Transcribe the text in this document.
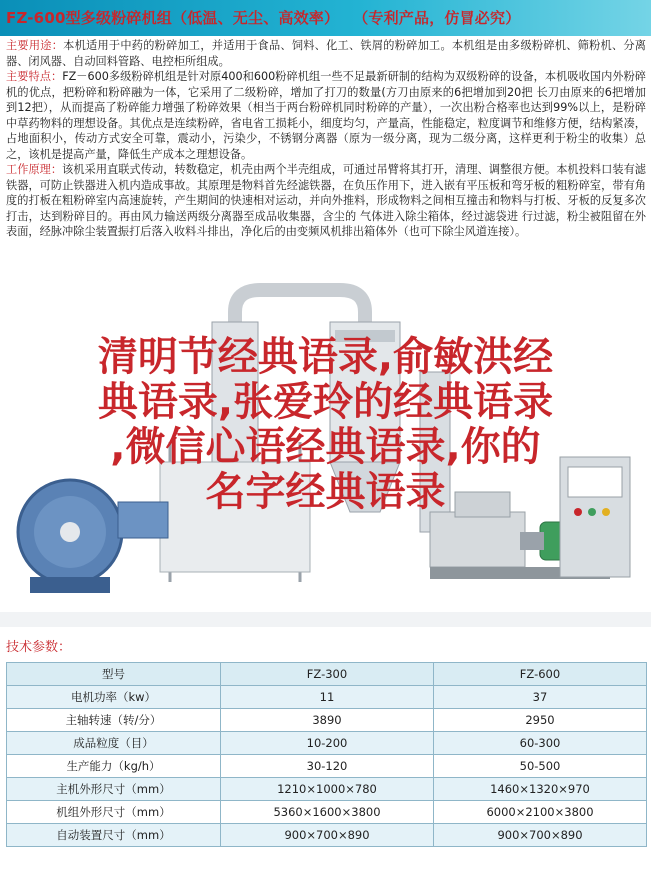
FZ-600型多级粉碎机组（低温、无尘、高效率） （专利产品，仿冒必究）

主要用途：本机适用于中药的粉碎加工，并适用于食品、饲料、化工、铁屑的粉碎加工。本机组是由多级粉碎机、筛粉机、分离器、闭风器、自动回料管路、电控柜所组成。

主要特点：FZ－600多级粉碎机组是针对原400和600粉碎机组一些不足最新研制的结构为双级粉碎的设备，本机吸收国内外粉碎机的优点，把粉碎和粉碎融为一体，它采用了二级粉碎，增加了打刀的数量(方刀由原来的6把增加到20把 长刀由原来的6把增加到12把），从而提高了粉碎能力增强了粉碎效果（相当于两台粉碎机同时粉碎的产量），一次出粉合格率也达到99%以上，是粉碎中草药物料的理想设备。其优点是连续粉碎，省电省工损耗小，细度均匀，产量高，性能稳定，粒度调节和维修方便，结构紧凑，占地面积小，传动方式安全可靠，震动小，污染少，不锈钢分离器（原为一级分离，现为二级分离，这样更利于粉尘的收集）总之，该机是提高产量，降低生产成本之理想设备。

工作原理：该机采用直联式传动，转数稳定，机壳由两个半壳组成，可通过吊臂将其打开，清理、调整很方便。本机投料口装有滤铁器，可防止铁器进入机内造成事故。其原理是物料首先经滤铁器，在负压作用下，进入嵌有平压板和弯牙板的粗粉碎室，带有角度的打板在粗粉碎室内高速旋转，产生期间的快速相对运动，并向外推料，形成物料之间相互撞击和物料与打板、牙板的反复多次打击，达到粉碎目的。再由风力输送两级分离器至成品收集器，含尘的 气体进入除尘箱体，经过滤袋进 行过滤，粉尘被阻留在外表面，经脉冲除尘装置振打后落入收料斗排出，净化后的由变频风机排出箱体外（也可下除尘风道连接）。

清明节经典语录,俞敏洪经
典语录,张爱玲的经典语录
,微信心语经典语录,你的
名字经典语录
技术参数：
型号	FZ-300	FZ-600
电机功率（kw）	11	37
主轴转速（转/分）	3890	2950
成品粒度（目）	10-200	60-300
生产能力（kg/h）	30-120	50-500
主机外形尺寸（mm）	1210×1000×780	1460×1320×970
机组外形尺寸（mm）	5360×1600×3800	6000×2100×3800
自动装置尺寸（mm）	900×700×890	900×700×890
